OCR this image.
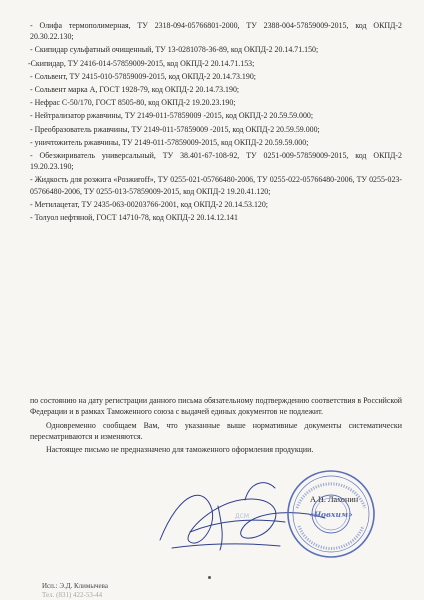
- Олифа термополимерная, ТУ 2318-094-05766801-2000, ТУ 2388-004-57859009-2015, код ОКПД-2 20.30.22.130;

- Скипидар сульфатный очищенный, ТУ 13-0281078-36-89, код ОКПД-2 20.14.71.150;

-Скипидар, ТУ 2416-014-57859009-2015, код ОКПД-2 20.14.71.153;

- Сольвент, ТУ 2415-010-57859009-2015, код ОКПД-2 20.14.73.190;

- Сольвент марка А, ГОСТ 1928-79, код ОКПД-2 20.14.73.190;

- Нефрас С-50/170, ГОСТ 8505-80, код ОКПД-2 19.20.23.190;

- Нейтрализатор ржавчины, ТУ 2149-011-57859009 -2015, код ОКПД-2 20.59.59.000;

- Преобразователь ржавчины, ТУ 2149-011-57859009 -2015, код ОКПД-2 20.59.59.000;

- уничтожитель ржавчины, ТУ 2149-011-57859009-2015, код ОКПД-2 20.59.59.000;

- Обезжириватель универсальный, ТУ 38.401-67-108-92, ТУ 0251-009-57859009-2015, код ОКПД-2 19.20.23.190;

- Жидкость для розжига «Розжиroff», ТУ 0255-021-05766480-2006, ТУ 0255-022-05766480-2006, ТУ 0255-023-05766480-2006, ТУ 0255-013-57859009-2015, код ОКПД-2 19.20.41.120;

- Метилацетат, ТУ 2435-063-00203766-2001, код ОКПД-2 20.14.53.120;

- Толуол нефтяной, ГОСТ 14710-78, код ОКПД-2 20.14.12.141

по состоянию на дату регистрации данного письма обязательному подтверждению соответствия в Российской Федерации и в рамках Таможенного союза с выдачей единых документов не подлежит.

Одновременно сообщаем Вам, что указанные выше нормативные документы систематически пересматриваются и изменяются.

Настоящее письмо не предназначено для таможенного оформления продукции.

ДСМ
А.Н. Лахонин
«Новхим»
Исп.: Э.Д. Климычева
Тел. (831) 422-53-44
